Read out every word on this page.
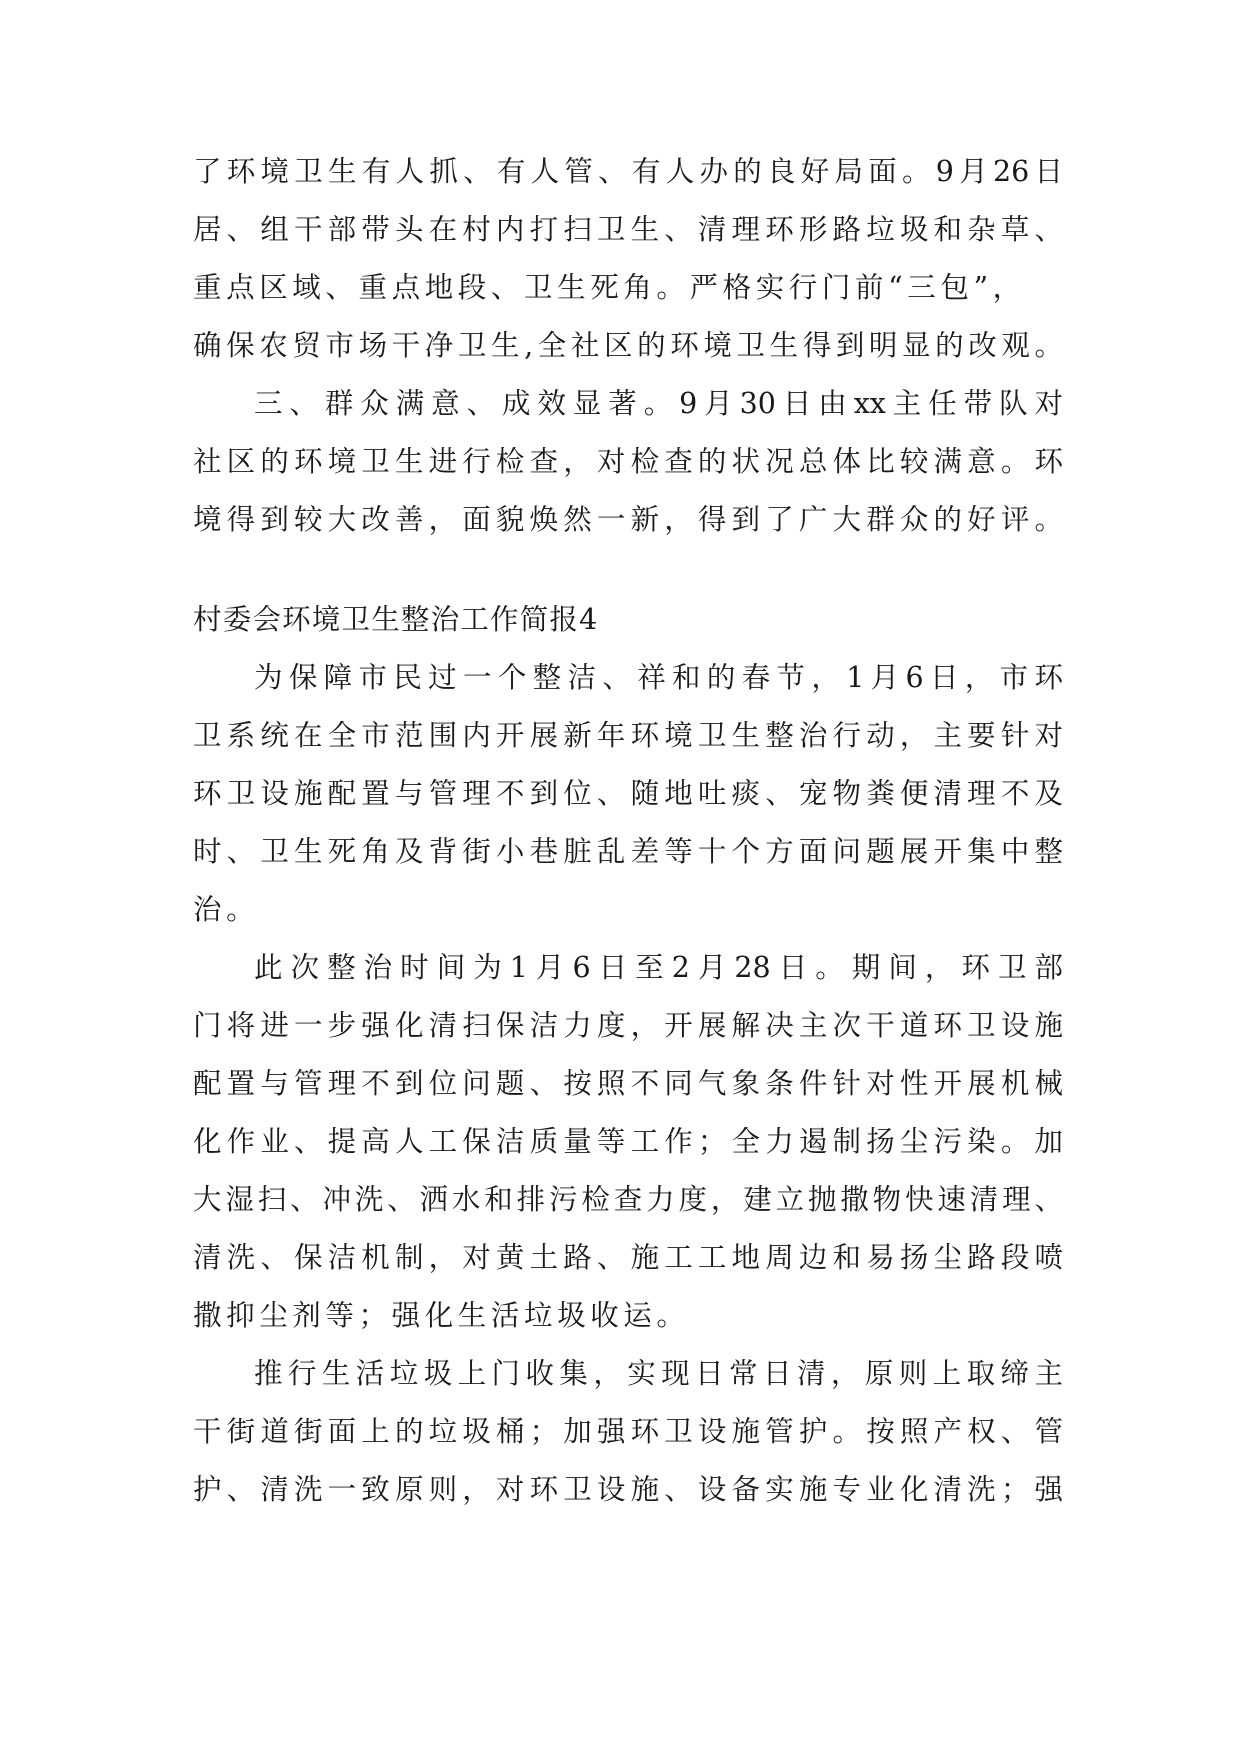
了环境卫生有人抓、有人管、有人办的良好局面。9月26日
居、组干部带头在村内打扫卫生、清理环形路垃圾和杂草、
重点区域、重点地段、卫生死角。严格实行门前“三包”，
确保农贸市场干净卫生,全社区的环境卫生得到明显的改观。
三、群众满意、成效显著。9月30日由xx主任带队对
社区的环境卫生进行检查，对检查的状况总体比较满意。环
境得到较大改善，面貌焕然一新，得到了广大群众的好评。
村委会环境卫生整治工作简报4
为保障市民过一个整洁、祥和的春节，1月6日，市环
卫系统在全市范围内开展新年环境卫生整治行动，主要针对
环卫设施配置与管理不到位、随地吐痰、宠物粪便清理不及
时、卫生死角及背街小巷脏乱差等十个方面问题展开集中整
治。
此次整治时间为1月6日至2月28日。期间，环卫部
门将进一步强化清扫保洁力度，开展解决主次干道环卫设施
配置与管理不到位问题、按照不同气象条件针对性开展机械
化作业、提高人工保洁质量等工作；全力遏制扬尘污染。加
大湿扫、冲洗、洒水和排污检查力度，建立抛撒物快速清理、
清洗、保洁机制，对黄土路、施工工地周边和易扬尘路段喷
撒抑尘剂等；强化生活垃圾收运。
推行生活垃圾上门收集，实现日常日清，原则上取缔主
干街道街面上的垃圾桶；加强环卫设施管护。按照产权、管
护、清洗一致原则，对环卫设施、设备实施专业化清洗；强
